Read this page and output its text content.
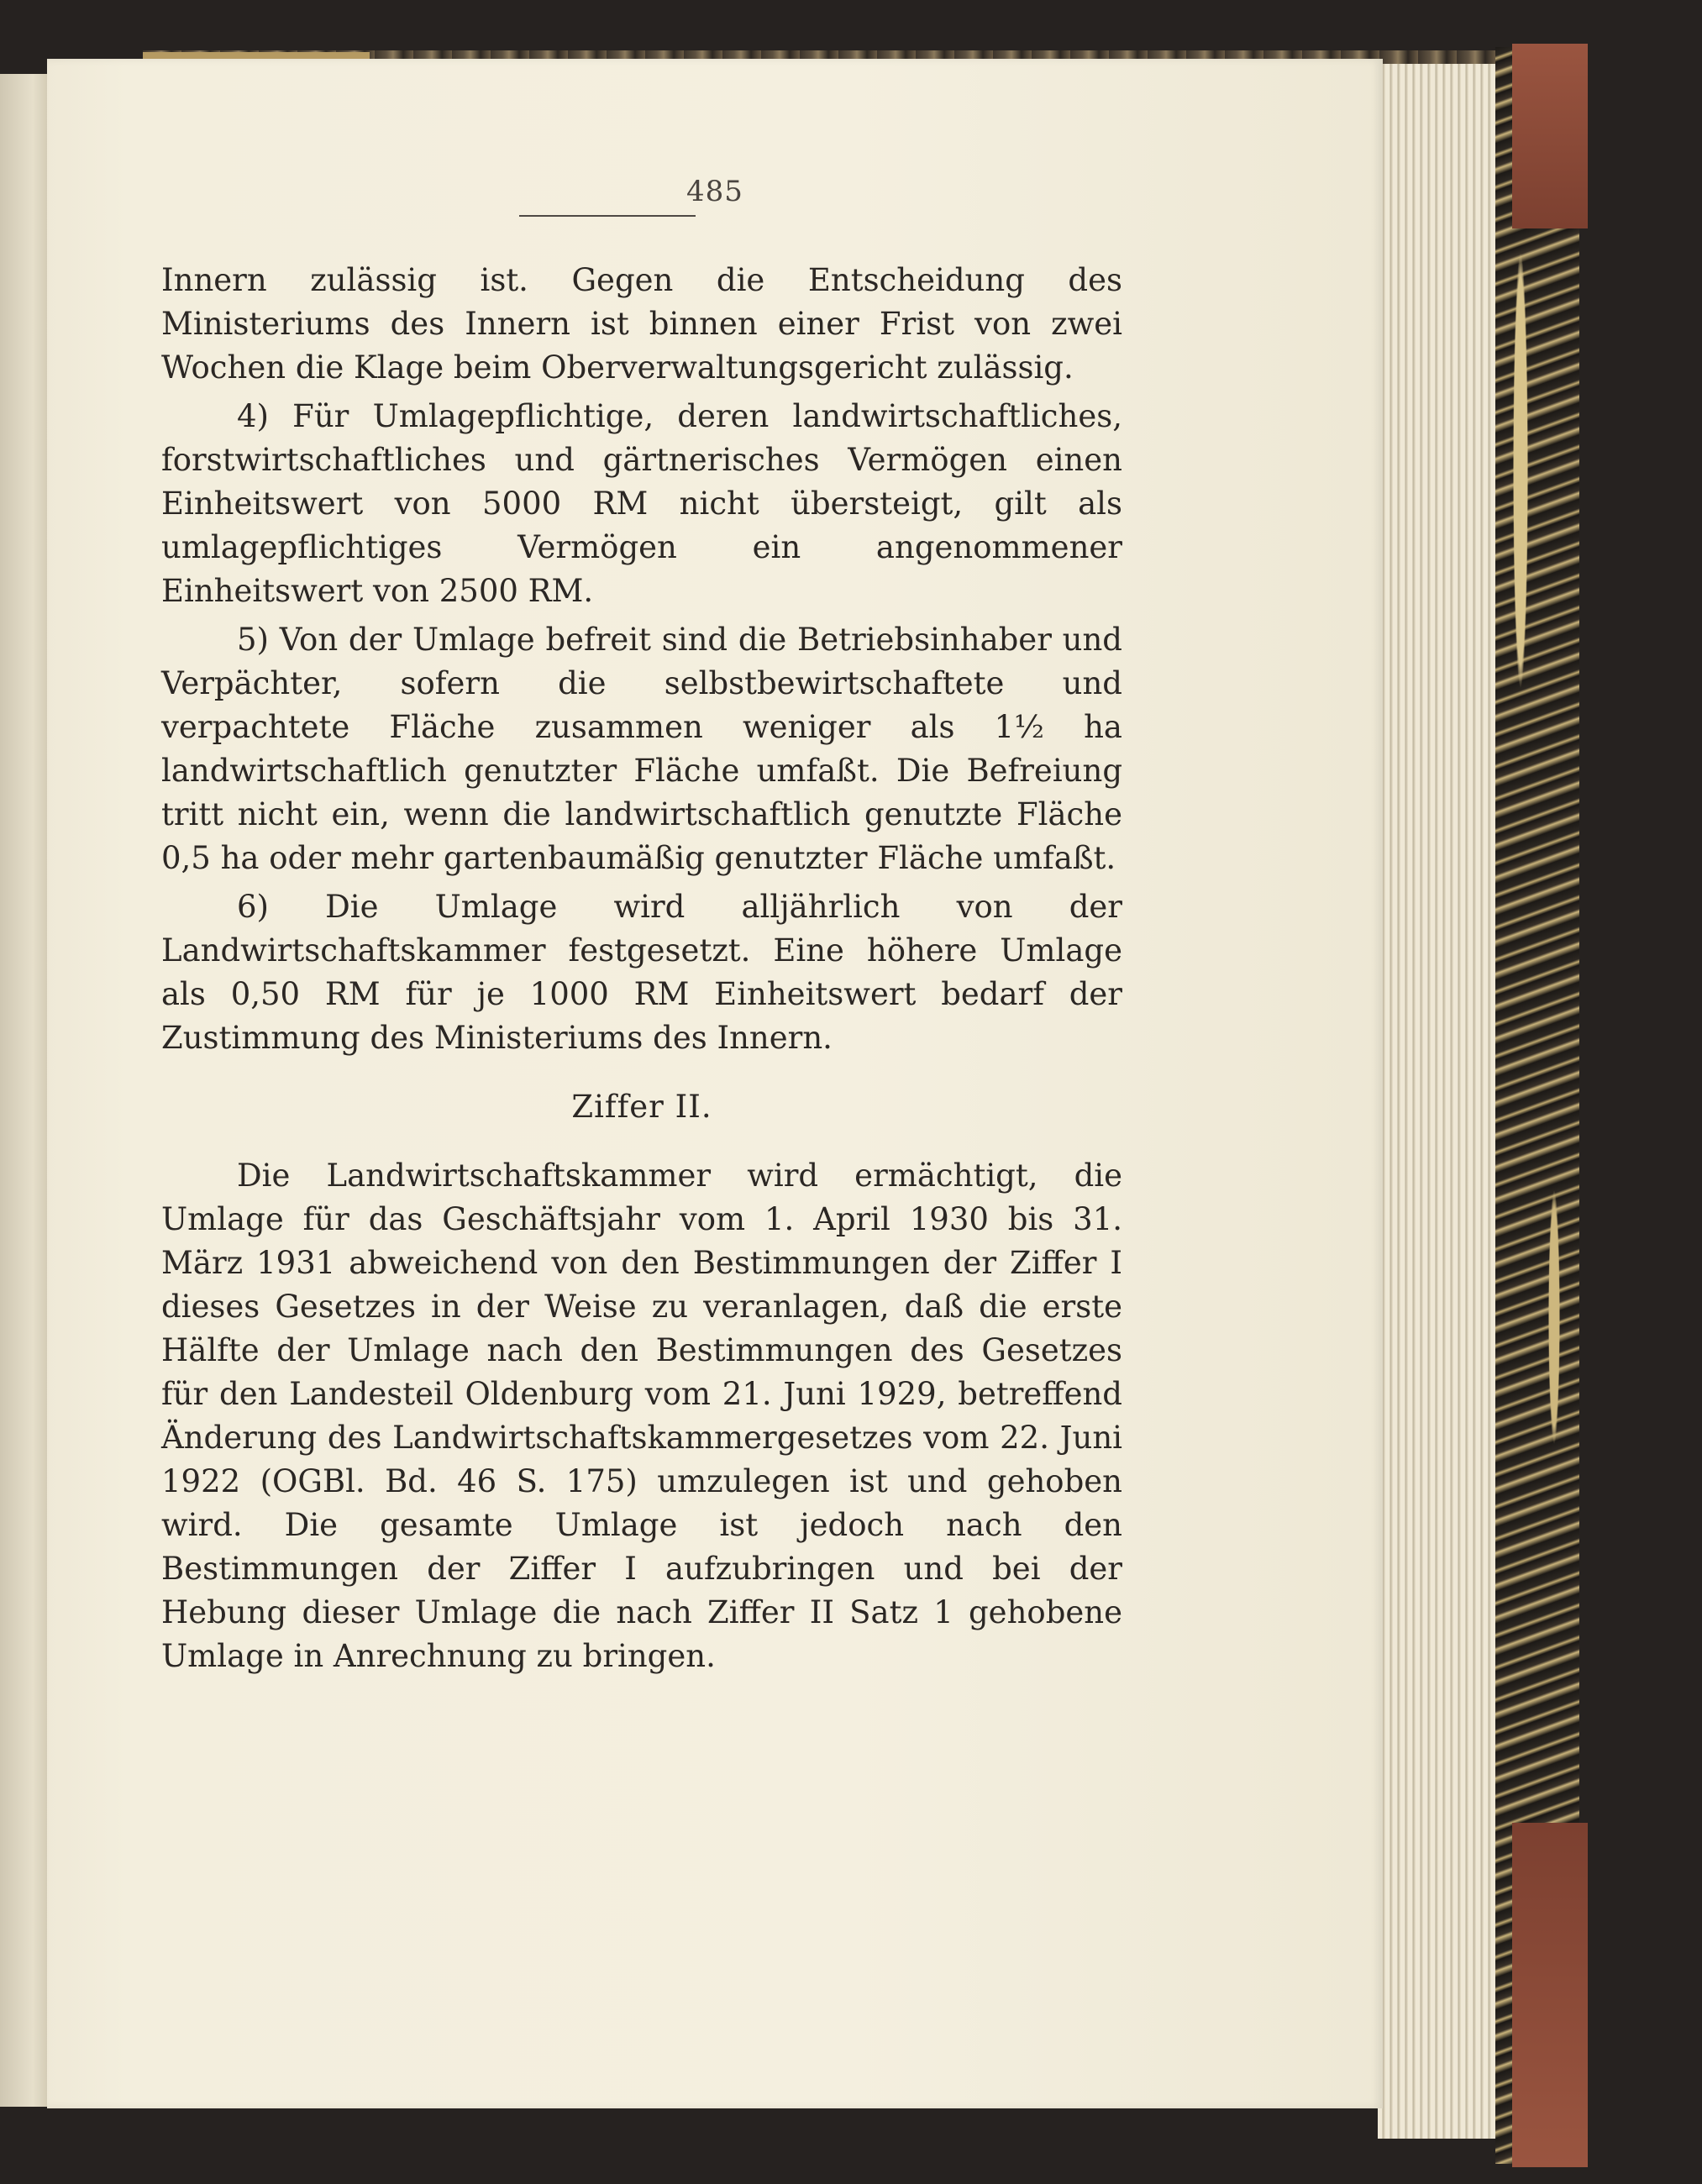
485

Innern zulässig ist. Gegen die Entscheidung des Ministeriums des Innern ist binnen einer Frist von zwei Wochen die Klage beim Oberverwaltungsgericht zulässig.

4) Für Umlagepflichtige, deren landwirtschaftliches, forstwirtschaftliches und gärtnerisches Vermögen einen Einheitswert von 5000 RM nicht übersteigt, gilt als umlagepflichtiges Vermögen ein angenommener Einheitswert von 2500 RM.

5) Von der Umlage befreit sind die Betriebsinhaber und Verpächter, sofern die selbstbewirtschaftete und verpachtete Fläche zusammen weniger als 1½ ha landwirtschaftlich genutzter Fläche umfaßt. Die Befreiung tritt nicht ein, wenn die landwirtschaftlich genutzte Fläche 0,5 ha oder mehr gartenbaumäßig genutzter Fläche umfaßt.

6) Die Umlage wird alljährlich von der Landwirtschaftskammer festgesetzt. Eine höhere Umlage als 0,50 RM für je 1000 RM Einheitswert bedarf der Zustimmung des Ministeriums des Innern.

Ziffer II.

Die Landwirtschaftskammer wird ermächtigt, die Umlage für das Geschäftsjahr vom 1. April 1930 bis 31. März 1931 abweichend von den Bestimmungen der Ziffer I dieses Gesetzes in der Weise zu veranlagen, daß die erste Hälfte der Umlage nach den Bestimmungen des Gesetzes für den Landesteil Oldenburg vom 21. Juni 1929, betreffend Änderung des Landwirtschaftskammergesetzes vom 22. Juni 1922 (OGBl. Bd. 46 S. 175) umzulegen ist und gehoben wird. Die gesamte Umlage ist jedoch nach den Bestimmungen der Ziffer I aufzubringen und bei der Hebung dieser Umlage die nach Ziffer II Satz 1 gehobene Umlage in Anrechnung zu bringen.
